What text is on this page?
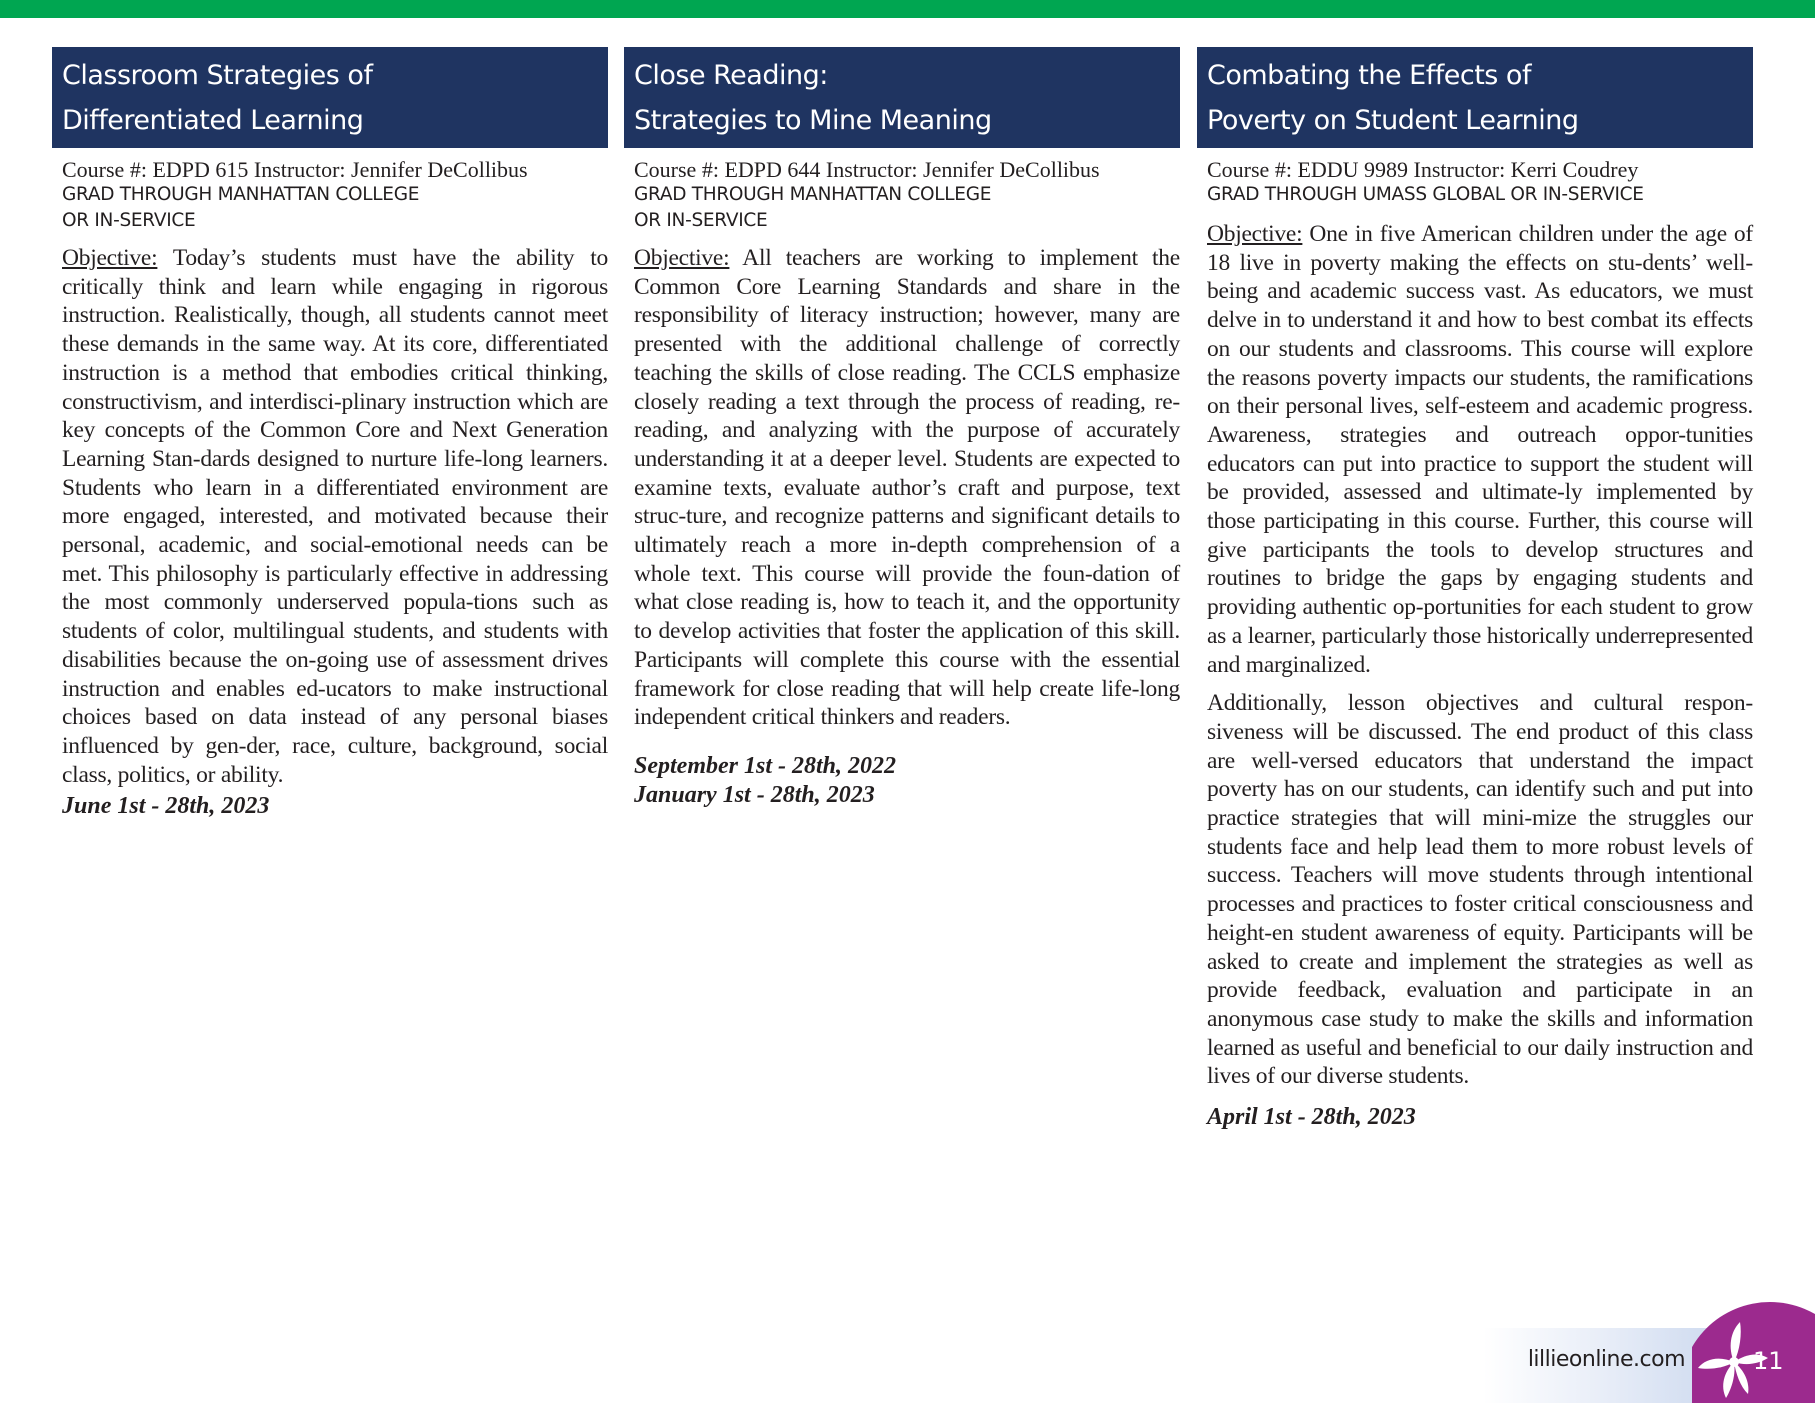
Classroom Strategies of
Differentiated Learning
Course #: EDPD 615 Instructor: Jennifer DeCollibus
GRAD THROUGH MANHATTAN COLLEGE
OR IN-SERVICE

Objective: Today’s students must have the ability to critically think and learn while engaging in rigorous instruction. Realistically, though, all students cannot meet these demands in the same way. At its core, differentiated instruction is a method that embodies critical thinking, constructivism, and interdisci-plinary instruction which are key concepts of the Common Core and Next Generation Learning Stan-dards designed to nurture life-long learners. Students who learn in a differentiated environment are more engaged, interested, and motivated because their personal, academic, and social-emotional needs can be met. This philosophy is particularly effective in addressing the most commonly underserved popula-tions such as students of color, multilingual students, and students with disabilities because the on-going use of assessment drives instruction and enables ed-ucators to make instructional choices based on data instead of any personal biases influenced by gen-der, race, culture, background, social class, politics, or ability.

June 1st - 28th, 2023
Close Reading:
Strategies to Mine Meaning
Course #: EDPD 644 Instructor: Jennifer DeCollibus
GRAD THROUGH MANHATTAN COLLEGE
OR IN-SERVICE

Objective: All teachers are working to implement the Common Core Learning Standards and share in the responsibility of literacy instruction; however, many are presented with the additional challenge of correctly teaching the skills of close reading. The CCLS emphasize closely reading a text through the process of reading, re-reading, and analyzing with the purpose of accurately understanding it at a deeper level. Students are expected to examine texts, evaluate author’s craft and purpose, text struc-ture, and recognize patterns and significant details to ultimately reach a more in-depth comprehension of a whole text. This course will provide the foun-dation of what close reading is, how to teach it, and the opportunity to develop activities that foster the application of this skill. Participants will complete this course with the essential framework for close reading that will help create life-long independent critical thinkers and readers.

September 1st - 28th, 2022
January 1st - 28th, 2023
Combating the Effects of
Poverty on Student Learning
Course #: EDDU 9989 Instructor: Kerri Coudrey
GRAD THROUGH UMASS GLOBAL OR IN-SERVICE

Objective: One in five American children under the age of 18 live in poverty making the effects on stu-dents’ well-being and academic success vast. As educators, we must delve in to understand it and how to best combat its effects on our students and classrooms. This course will explore the reasons poverty impacts our students, the ramifications on their personal lives, self-esteem and academic progress. Awareness, strategies and outreach oppor-tunities educators can put into practice to support the student will be provided, assessed and ultimate-ly implemented by those participating in this course. Further, this course will give participants the tools to develop structures and routines to bridge the gaps by engaging students and providing authentic op-portunities for each student to grow as a learner, particularly those historically underrepresented and marginalized.

Additionally, lesson objectives and cultural respon-siveness will be discussed. The end product of this class are well-versed educators that understand the impact poverty has on our students, can identify such and put into practice strategies that will mini-mize the struggles our students face and help lead them to more robust levels of success. Teachers will move students through intentional processes and practices to foster critical consciousness and height-en student awareness of equity. Participants will be asked to create and implement the strategies as well as provide feedback, evaluation and participate in an anonymous case study to make the skills and information learned as useful and beneficial to our daily instruction and lives of our diverse students.

April 1st - 28th, 2023
lillieonline.com	11
